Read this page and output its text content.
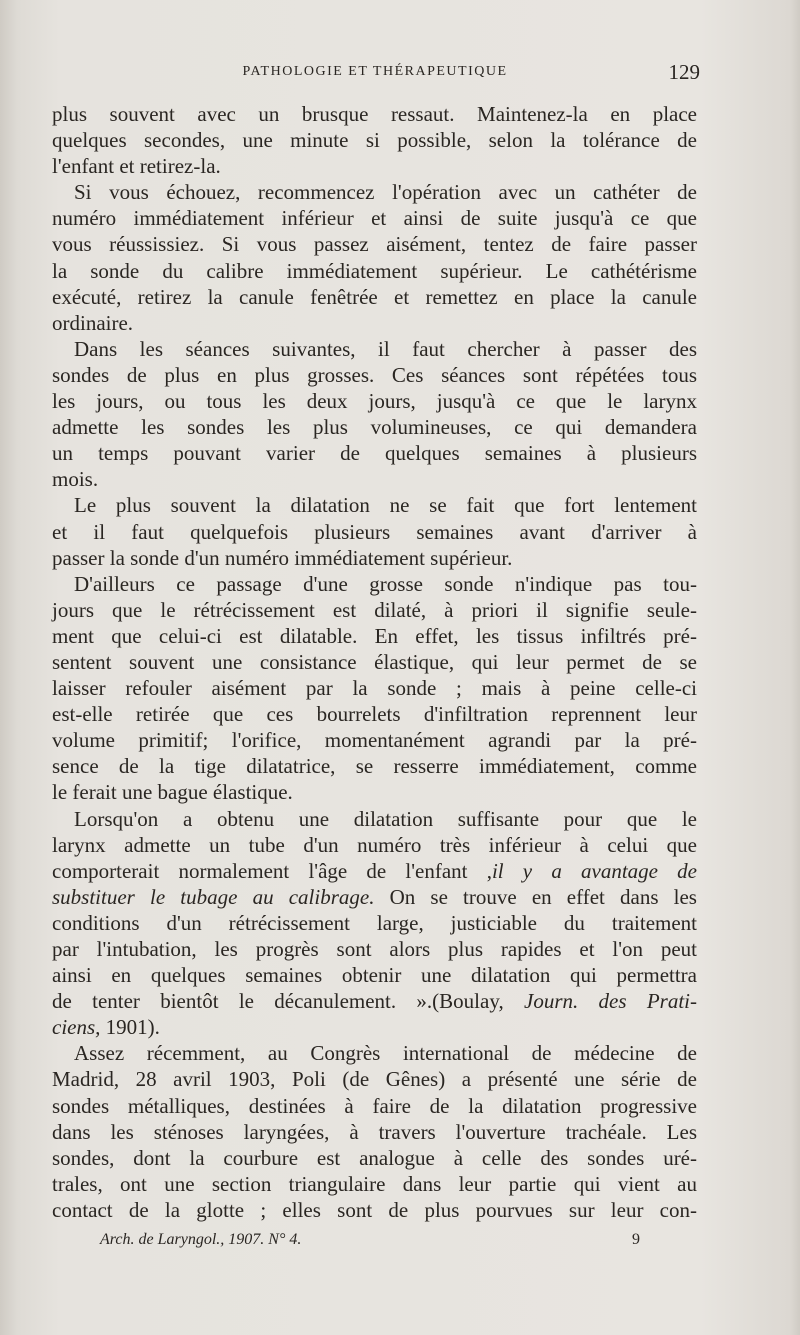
PATHOLOGIE ET THÉRAPEUTIQUE	129

plus souvent avec un brusque ressaut. Maintenez-la en place
quelques secondes, une minute si possible, selon la tolérance de
l'enfant et retirez-la.

Si vous échouez, recommencez l'opération avec un cathéter de
numéro immédiatement inférieur et ainsi de suite jusqu'à ce que
vous réussissiez. Si vous passez aisément, tentez de faire passer
la sonde du calibre immédiatement supérieur. Le cathétérisme
exécuté, retirez la canule fenêtrée et remettez en place la canule
ordinaire.

Dans les séances suivantes, il faut chercher à passer des
sondes de plus en plus grosses. Ces séances sont répétées tous
les jours, ou tous les deux jours, jusqu'à ce que le larynx
admette les sondes les plus volumineuses, ce qui demandera
un temps pouvant varier de quelques semaines à plusieurs
mois.

Le plus souvent la dilatation ne se fait que fort lentement
et il faut quelquefois plusieurs semaines avant d'arriver à
passer la sonde d'un numéro immédiatement supérieur.

D'ailleurs ce passage d'une grosse sonde n'indique pas tou-
jours que le rétrécissement est dilaté, à priori il signifie seule-
ment que celui-ci est dilatable. En effet, les tissus infiltrés pré-
sentent souvent une consistance élastique, qui leur permet de se
laisser refouler aisément par la sonde ; mais à peine celle-ci
est-elle retirée que ces bourrelets d'infiltration reprennent leur
volume primitif; l'orifice, momentanément agrandi par la pré-
sence de la tige dilatatrice, se resserre immédiatement, comme
le ferait une bague élastique.

Lorsqu'on a obtenu une dilatation suffisante pour que le
larynx admette un tube d'un numéro très inférieur à celui que
comporterait normalement l'âge de l'enfant ,il y a avantage de
substituer le tubage au calibrage. On se trouve en effet dans les
conditions d'un rétrécissement large, justiciable du traitement
par l'intubation, les progrès sont alors plus rapides et l'on peut
ainsi en quelques semaines obtenir une dilatation qui permettra
de tenter bientôt le décanulement. ».(Boulay, Journ. des Prati-
ciens, 1901).

Assez récemment, au Congrès international de médecine de
Madrid, 28 avril 1903, Poli (de Gênes) a présenté une série de
sondes métalliques, destinées à faire de la dilatation progressive
dans les sténoses laryngées, à travers l'ouverture trachéale. Les
sondes, dont la courbure est analogue à celle des sondes uré-
trales, ont une section triangulaire dans leur partie qui vient au
contact de la glotte ; elles sont de plus pourvues sur leur con-

Arch. de Laryngol., 1907. N° 4.	9
